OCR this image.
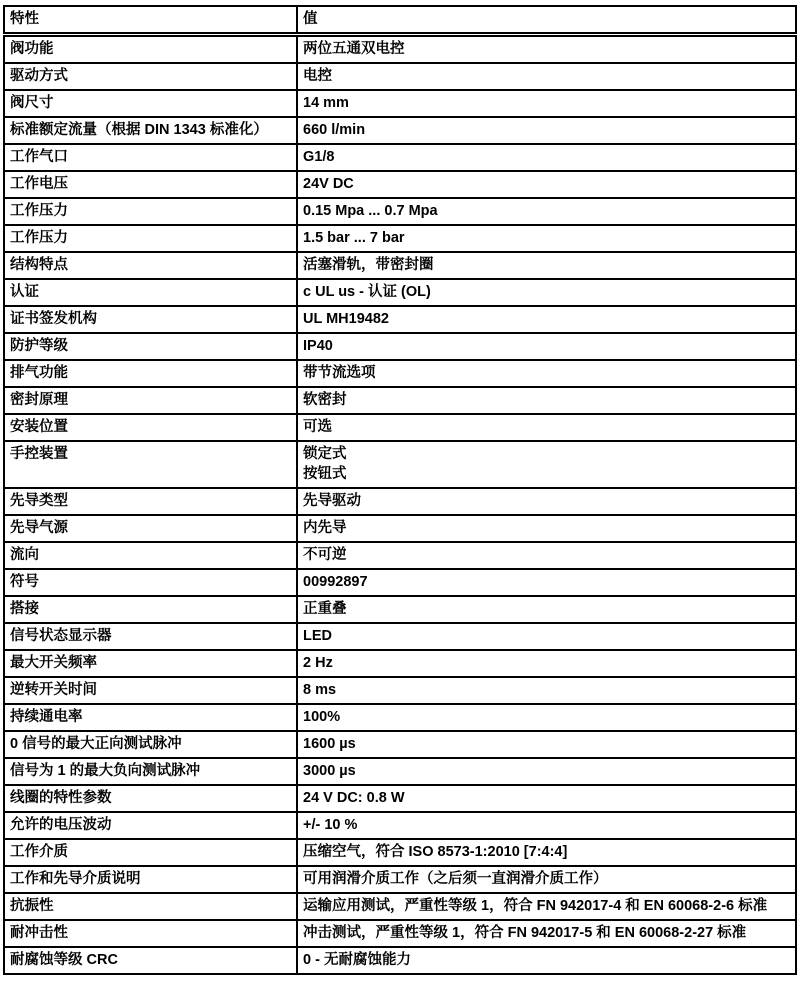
特性	值
阀功能	两位五通双电控

驱动方式	电控

阀尺寸	14 mm

标准额定流量（根据 DIN 1343 标准化）	660 l/min

工作气口	G1/8

工作电压	24V DC

工作压力	0.15 Mpa ... 0.7 Mpa

工作压力	1.5 bar ... 7 bar

结构特点	活塞滑轨，带密封圈

认证	c UL us - 认证 (OL)

证书签发机构	UL MH19482

防护等级	IP40

排气功能	带节流选项

密封原理	软密封

安装位置	可选

手控装置	锁定式
按钮式

先导类型	先导驱动

先导气源	内先导

流向	不可逆

符号	00992897

搭接	正重叠

信号状态显示器	LED

最大开关频率	2 Hz

逆转开关时间	8 ms

持续通电率	100%

0 信号的最大正向测试脉冲	1600 µs

信号为 1 的最大负向测试脉冲	3000 µs

线圈的特性参数	24 V DC: 0.8 W

允许的电压波动	+/- 10 %

工作介质	压缩空气，符合 ISO 8573-1:2010 [7:4:4]

工作和先导介质说明	可用润滑介质工作（之后须一直润滑介质工作）

抗振性	运输应用测试，严重性等级 1，符合 FN 942017-4 和 EN 60068-2-6 标准

耐冲击性	冲击测试，严重性等级 1，符合 FN 942017-5 和 EN 60068-2-27 标准

耐腐蚀等级 CRC	0 - 无耐腐蚀能力
